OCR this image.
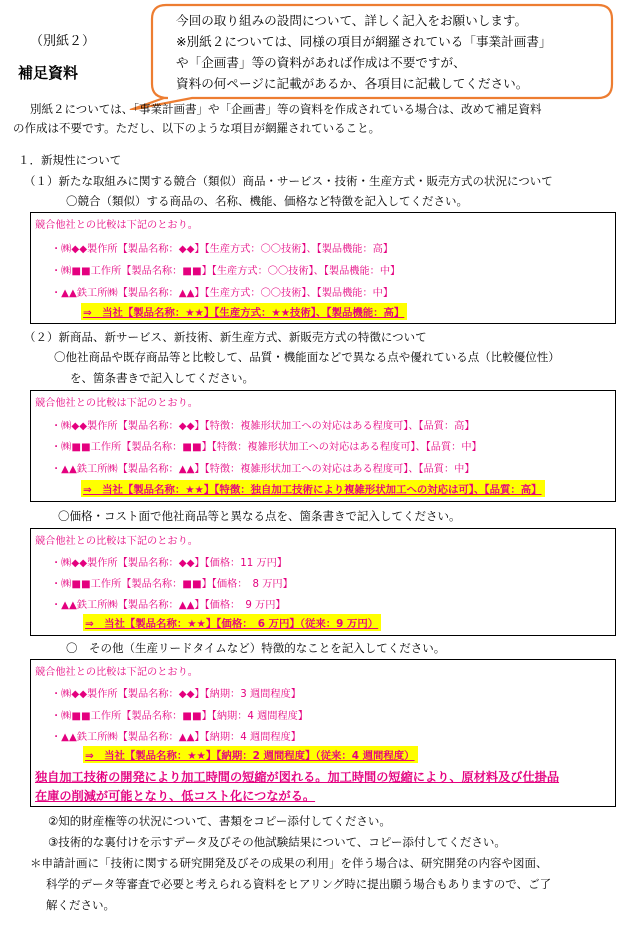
（別紙２）
補足資料
今回の取り組みの設問について、詳しく記入をお願いします。
※別紙２については、同様の項目が網羅されている「事業計画書」
や「企画書」等の資料があれば作成は不要ですが、
資料の何ページに記載があるか、各項目に記載してください。
別紙２については、「事業計画書」や「企画書」等の資料を作成されている場合は、改めて補足資料
の作成は不要です。ただし、以下のような項目が網羅されていること。
１．新規性について
（１）新たな取組みに関する競合（類似）商品・サービス・技術・生産方式・販売方式の状況について
〇競合（類似）する商品の、名称、機能、価格など特徴を記入してください。
競合他社との比較は下記のとおり。
・㈱◆◆製作所【製品名称：◆◆】【生産方式：〇〇技術】、【製品機能：高】
・㈱■■工作所【製品名称：■■】【生産方式：〇〇技術】、【製品機能：中】
・▲▲鉄工所㈱【製品名称：▲▲】【生産方式：〇〇技術】、【製品機能：中】
⇒　当社【製品名称：★★】【生産方式：★★技術】、【製品機能：高】
（２）新商品、新サービス、新技術、新生産方式、新販売方式の特徴について
〇他社商品や既存商品等と比較して、品質・機能面などで異なる点や優れている点（比較優位性）
を、箇条書きで記入してください。
競合他社との比較は下記のとおり。
・㈱◆◆製作所【製品名称：◆◆】【特徴：複雑形状加工への対応はある程度可】、【品質：高】
・㈱■■工作所【製品名称：■■】【特徴：複雑形状加工への対応はある程度可】、【品質：中】
・▲▲鉄工所㈱【製品名称：▲▲】【特徴：複雑形状加工への対応はある程度可】、【品質：中】
⇒　当社【製品名称：★★】【特徴：独自加工技術により複雑形状加工への対応は可】、【品質：高】
〇価格・コスト面で他社商品等と異なる点を、箇条書きで記入してください。
競合他社との比較は下記のとおり。
・㈱◆◆製作所【製品名称：◆◆】【価格：11 万円】
・㈱■■工作所【製品名称：■■】【価格：　8 万円】
・▲▲鉄工所㈱【製品名称：▲▲】【価格：　9 万円】
⇒　当社【製品名称：★★】【価格：　6 万円】（従来：9 万円）
〇　その他（生産リードタイムなど）特徴的なことを記入してください。
競合他社との比較は下記のとおり。
・㈱◆◆製作所【製品名称：◆◆】【納期：3 週間程度】
・㈱■■工作所【製品名称：■■】【納期：4 週間程度】
・▲▲鉄工所㈱【製品名称：▲▲】【納期：4 週間程度】
⇒　当社【製品名称：★★】【納期：2 週間程度】（従来：4 週間程度）
独自加工技術の開発により加工時間の短縮が図れる。加工時間の短縮により、原材料及び仕掛品
在庫の削減が可能となり、低コスト化につながる。
②知的財産権等の状況について、書類をコピー添付してください。
③技術的な裏付けを示すデータ及びその他試験結果について、コピー添付してください。
＊申請計画に「技術に関する研究開発及びその成果の利用」を伴う場合は、研究開発の内容や図面、
科学的データ等審査で必要と考えられる資料をヒアリング時に提出願う場合もありますので、ご了
解ください。
